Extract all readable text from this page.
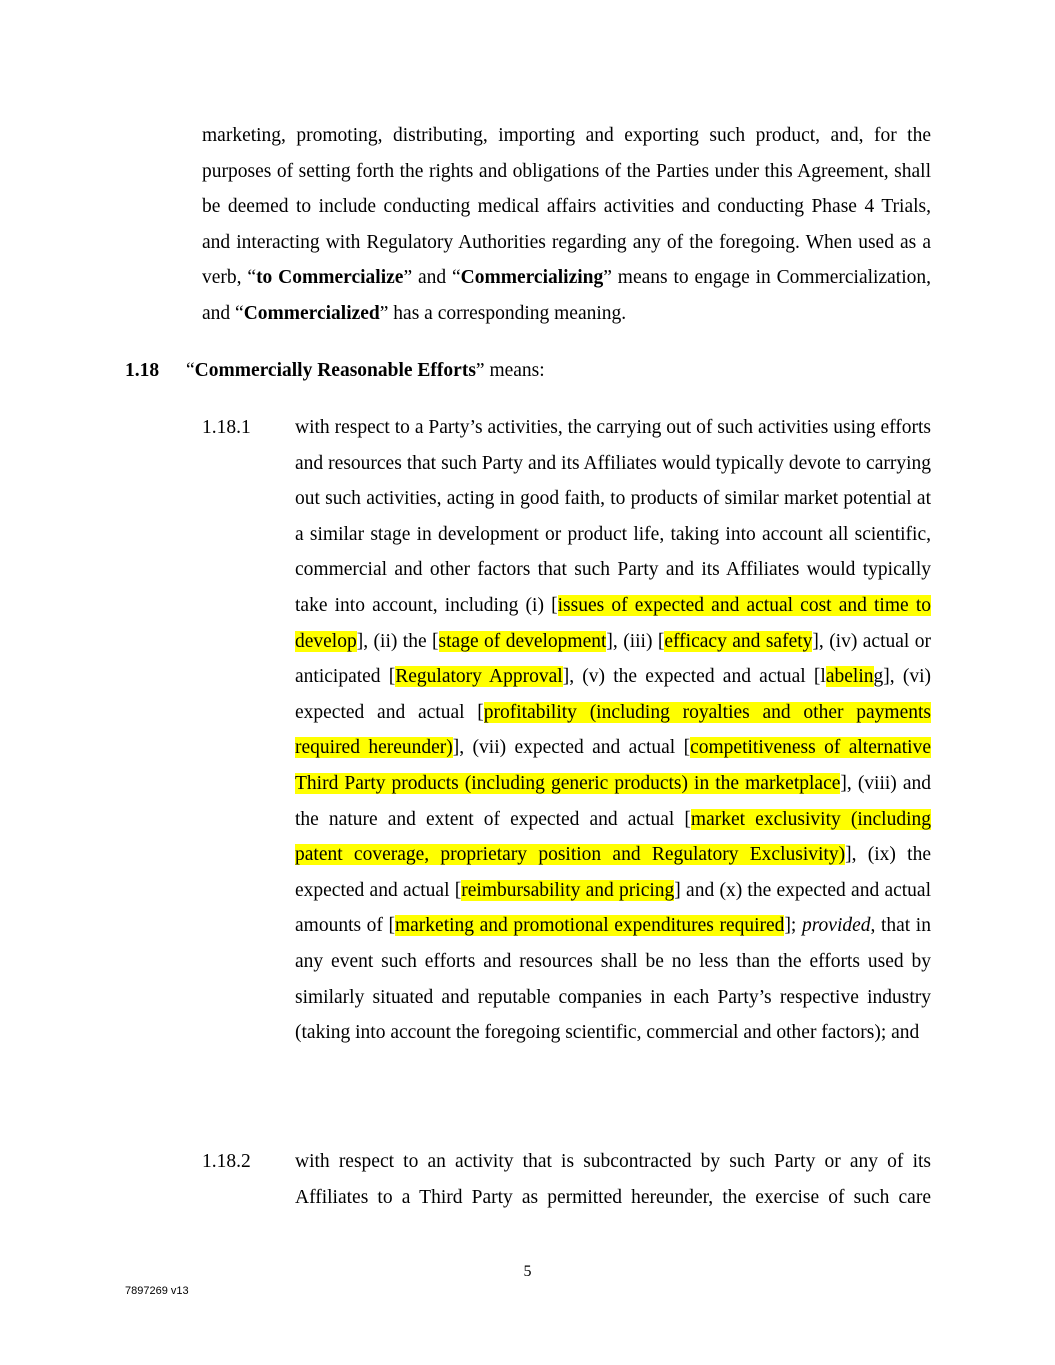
marketing, promoting, distributing, importing and exporting such product, and, for the purposes of setting forth the rights and obligations of the Parties under this Agreement, shall be deemed to include conducting medical affairs activities and conducting Phase 4 Trials, and interacting with Regulatory Authorities regarding any of the foregoing. When used as a verb, “to Commercialize” and “Commercializing” means to engage in Commercialization, and “Commercialized” has a corresponding meaning.
1.18 “Commercially Reasonable Efforts” means:
1.18.1 with respect to a Party’s activities, the carrying out of such activities using efforts and resources that such Party and its Affiliates would typically devote to carrying out such activities, acting in good faith, to products of similar market potential at a similar stage in development or product life, taking into account all scientific, commercial and other factors that such Party and its Affiliates would typically take into account, including (i) [issues of expected and actual cost and time to develop], (ii) the [stage of development], (iii) [efficacy and safety], (iv) actual or anticipated [Regulatory Approval], (v) the expected and actual [labeling], (vi) expected and actual [profitability (including royalties and other payments required hereunder)], (vii) expected and actual [competitiveness of alternative Third Party products (including generic products) in the marketplace], (viii) and the nature and extent of expected and actual [market exclusivity (including patent coverage, proprietary position and Regulatory Exclusivity)], (ix) the expected and actual [reimbursability and pricing] and (x) the expected and actual amounts of [marketing and promotional expenditures required]; provided, that in any event such efforts and resources shall be no less than the efforts used by similarly situated and reputable companies in each Party’s respective industry (taking into account the foregoing scientific, commercial and other factors); and
1.18.2 with respect to an activity that is subcontracted by such Party or any of its Affiliates to a Third Party as permitted hereunder, the exercise of such care
5
7897269 v13
